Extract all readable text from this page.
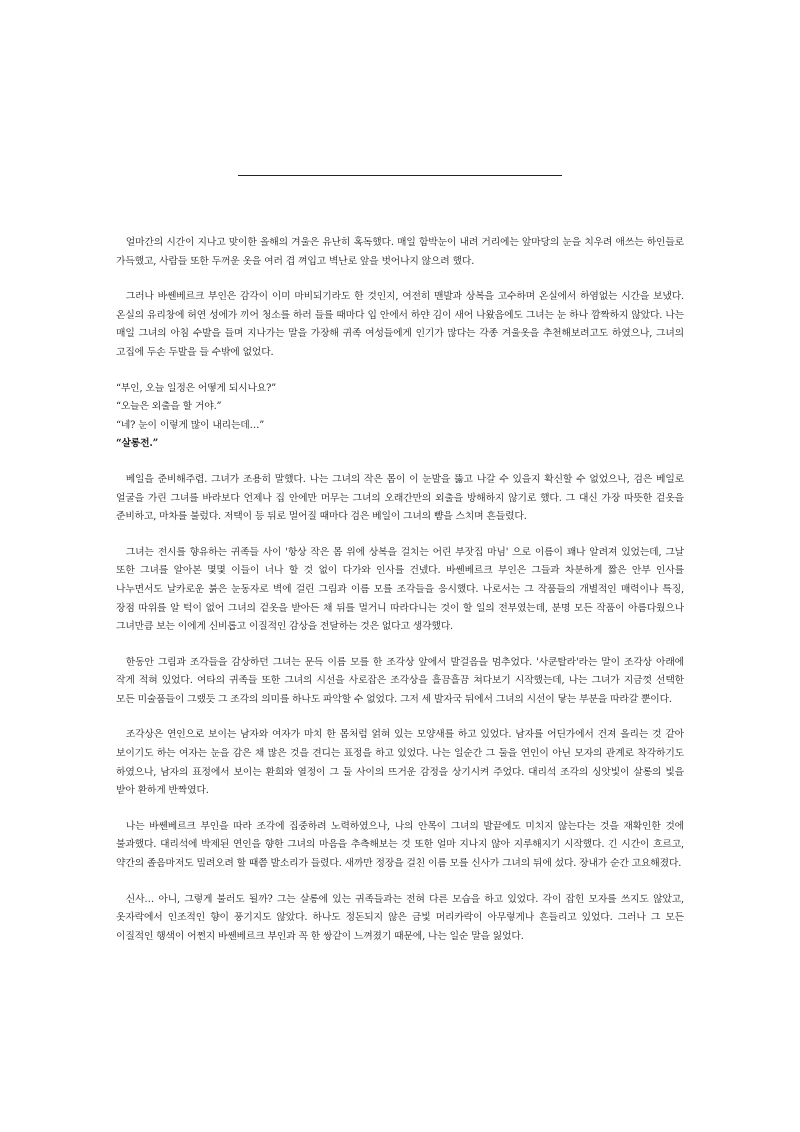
얼마간의 시간이 지나고 맞이한 올해의 겨울은 유난히 혹독했다. 매일 함박눈이 내려 거리에는 앞마당의 눈을 치우려 애쓰는 하인들로 가득했고, 사람들 또한 두꺼운 옷을 여러 겹 껴입고 벽난로 앞을 벗어나지 않으려 했다.

그러나 바쎈베르크 부인은 감각이 이미 마비되기라도 한 것인지, 여전히 맨발과 상복을 고수하며 온실에서 하염없는 시간을 보냈다. 온실의 유리창에 허연 성에가 끼어 청소를 하러 들를 때마다 입 안에서 하얀 김이 새어 나왔음에도 그녀는 눈 하나 깜짝하지 않았다. 나는 매일 그녀의 아침 수발을 들며 지나가는 말을 가장해 귀족 여성들에게 인기가 많다는 각종 겨울옷을 추천해보려고도 하였으나, 그녀의 고집에 두손 두발을 들 수밖에 없었다.

“부인, 오늘 일정은 어떻게 되시나요?”
“오늘은 외출을 할 거야.”
“네? 눈이 이렇게 많이 내리는데…”
“살롱전.”

베일을 준비해주렴. 그녀가 조용히 말했다. 나는 그녀의 작은 몸이 이 눈발을 뚫고 나갈 수 있을지 확신할 수 없었으나, 검은 베일로 얼굴을 가린 그녀를 바라보다 언제나 집 안에만 머무는 그녀의 오래간만의 외출을 방해하지 않기로 했다. 그 대신 가장 따뜻한 겉옷을 준비하고, 마차를 불렀다. 저택이 등 뒤로 멀어질 때마다 검은 베일이 그녀의 뺨을 스치며 흔들렸다.

그녀는 전시를 향유하는 귀족들 사이 '항상 작은 몸 위에 상복을 걸치는 어린 부잣집 마님' 으로 이름이 꽤나 알려져 있었는데, 그날 또한 그녀를 알아본 몇몇 이들이 너나 할 것 없이 다가와 인사를 건넸다. 바쎈베르크 부인은 그들과 차분하게 짧은 안부 인사를 나누면서도 날카로운 붉은 눈동자로 벽에 걸린 그림과 이름 모를 조각들을 응시했다. 나로서는 그 작품들의 개별적인 매력이나 특징, 장점 따위를 알 턱이 없어 그녀의 겉옷을 받아든 채 뒤를 멀거니 따라다니는 것이 할 일의 전부였는데, 분명 모든 작품이 아름다웠으나 그녀만큼 보는 이에게 신비롭고 이질적인 감상을 전달하는 것은 없다고 생각했다.

한동안 그림과 조각들을 감상하던 그녀는 문득 이름 모를 한 조각상 앞에서 발걸음을 멈추었다. '사쿤탈라'라는 말이 조각상 아래에 작게 적혀 있었다. 여타의 귀족들 또한 그녀의 시선을 사로잡은 조각상을 흘끔흘끔 쳐다보기 시작했는데, 나는 그녀가 지금껏 선택한 모든 미술품들이 그랬듯 그 조각의 의미를 하나도 파악할 수 없었다. 그저 세 발자국 뒤에서 그녀의 시선이 닿는 부분을 따라갈 뿐이다.

조각상은 연인으로 보이는 남자와 여자가 마치 한 몸처럼 얽혀 있는 모양새를 하고 있었다. 남자를 어딘가에서 건져 올리는 것 같아 보이기도 하는 여자는 눈을 감은 채 많은 것을 견디는 표정을 하고 있었다. 나는 일순간 그 둘을 연인이 아닌 모자의 관계로 착각하기도 하였으나, 남자의 표정에서 보이는 환희와 열정이 그 둘 사이의 뜨거운 감정을 상기시켜 주었다. 대리석 조각의 싱앗빛이 살롱의 빛을 받아 환하게 반짝였다.

나는 바쎈베르크 부인을 따라 조각에 집중하려 노력하였으나, 나의 안목이 그녀의 발끝에도 미치지 않는다는 것을 재확인한 것에 불과했다. 대리석에 박제된 연인을 향한 그녀의 마음을 추측해보는 것 또한 얼마 지나지 않아 지루해지기 시작했다. 긴 시간이 흐르고, 약간의 졸음마저도 밀려오려 할 때쯤 발소리가 들렸다. 새까만 정장을 걸친 이름 모를 신사가 그녀의 뒤에 섰다. 장내가 순간 고요해졌다.

신사… 아니, 그렇게 불러도 될까? 그는 살롱에 있는 귀족들과는 전혀 다른 모습을 하고 있었다. 각이 잡힌 모자를 쓰지도 않았고, 옷자락에서 인조적인 향이 풍기지도 않았다. 하나도 정돈되지 않은 금빛 머리카락이 아무렇게나 흔들리고 있었다. 그러나 그 모든 이질적인 행색이 어쩐지 바쎈베르크 부인과 꼭 한 쌍같이 느껴졌기 때문에, 나는 일순 말을 잃었다.
